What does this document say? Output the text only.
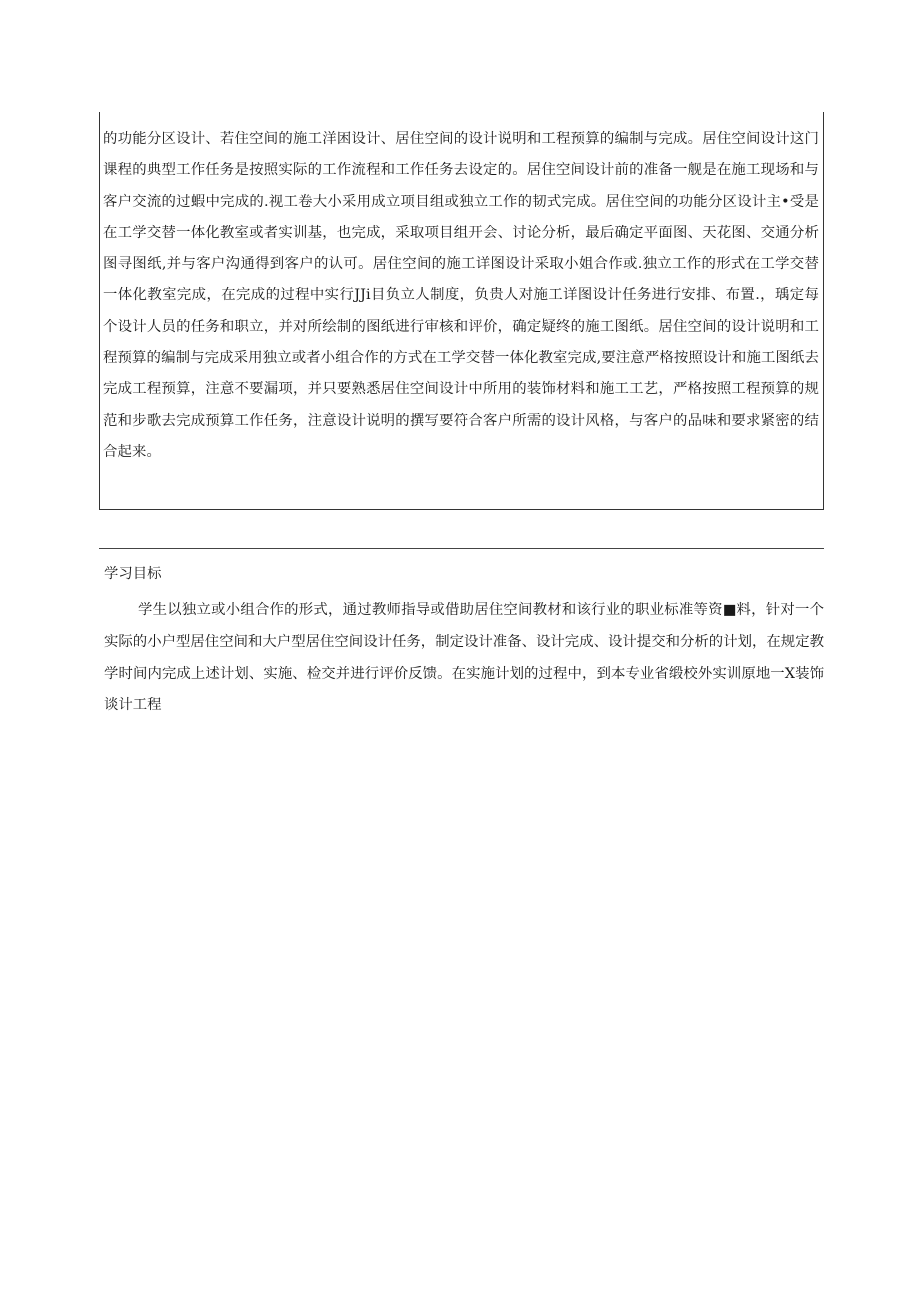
的功能分区设计、若住空间的施工洋困设计、居住空间的设计说明和工程预算的编制与完成。居住空间设计这门课程的典型工作任务是按照实际的工作流程和工作任务去设定的。居住空间设计前的准备一舰是在施工现场和与客户交流的过蝦中完成的.视工卷大小采用成立项目组或独立工作的韧式完成。居住空间的功能分区设计主•受是在工学交替一体化教室或者实训基，也完成，采取项目组开会、讨论分析，最后确定平面图、天花图、交通分析图寻图纸,并与客户沟通得到客户的认可。居住空间的施工详图设计采取小姐合作或.独立工作的形式在工学交替一体化教室完成，在完成的过程中实行JJi目负立人制度，负贵人对施工详图设计任务进行安排、布置.，瑀定每个设计人员的任务和职立，并对所绘制的图纸进行审核和评价，确定疑终的施工图纸。居住空间的设计说明和工程预算的编制与完成采用独立或者小组合作的方式在工学交替一体化教室完成,要注意严格按照设计和施工图纸去完成工程预算，注意不要漏项，并只要熟悉居住空间设计中所用的装饰材料和施工工艺，严格按照工程预算的规范和步歌去完成预算工作任务，注意设计说明的撰写要符合客户所需的设计风格，与客户的品味和要求紧密的结合起来。

学习目标

学生以独立或小组合作的形式，通过教师指导或借助居住空间教材和该行业的职业标准等资■料，针对一个实际的小户型居住空间和大户型居住空间设计任务，制定设计准备、设计完成、设计提交和分析的计划，在规定教学时间内完成上述计划、实施、检交并进行评价反馈。在实施计划的过程中，到本专业省缎校外实训原地一X装饰谈计工程
